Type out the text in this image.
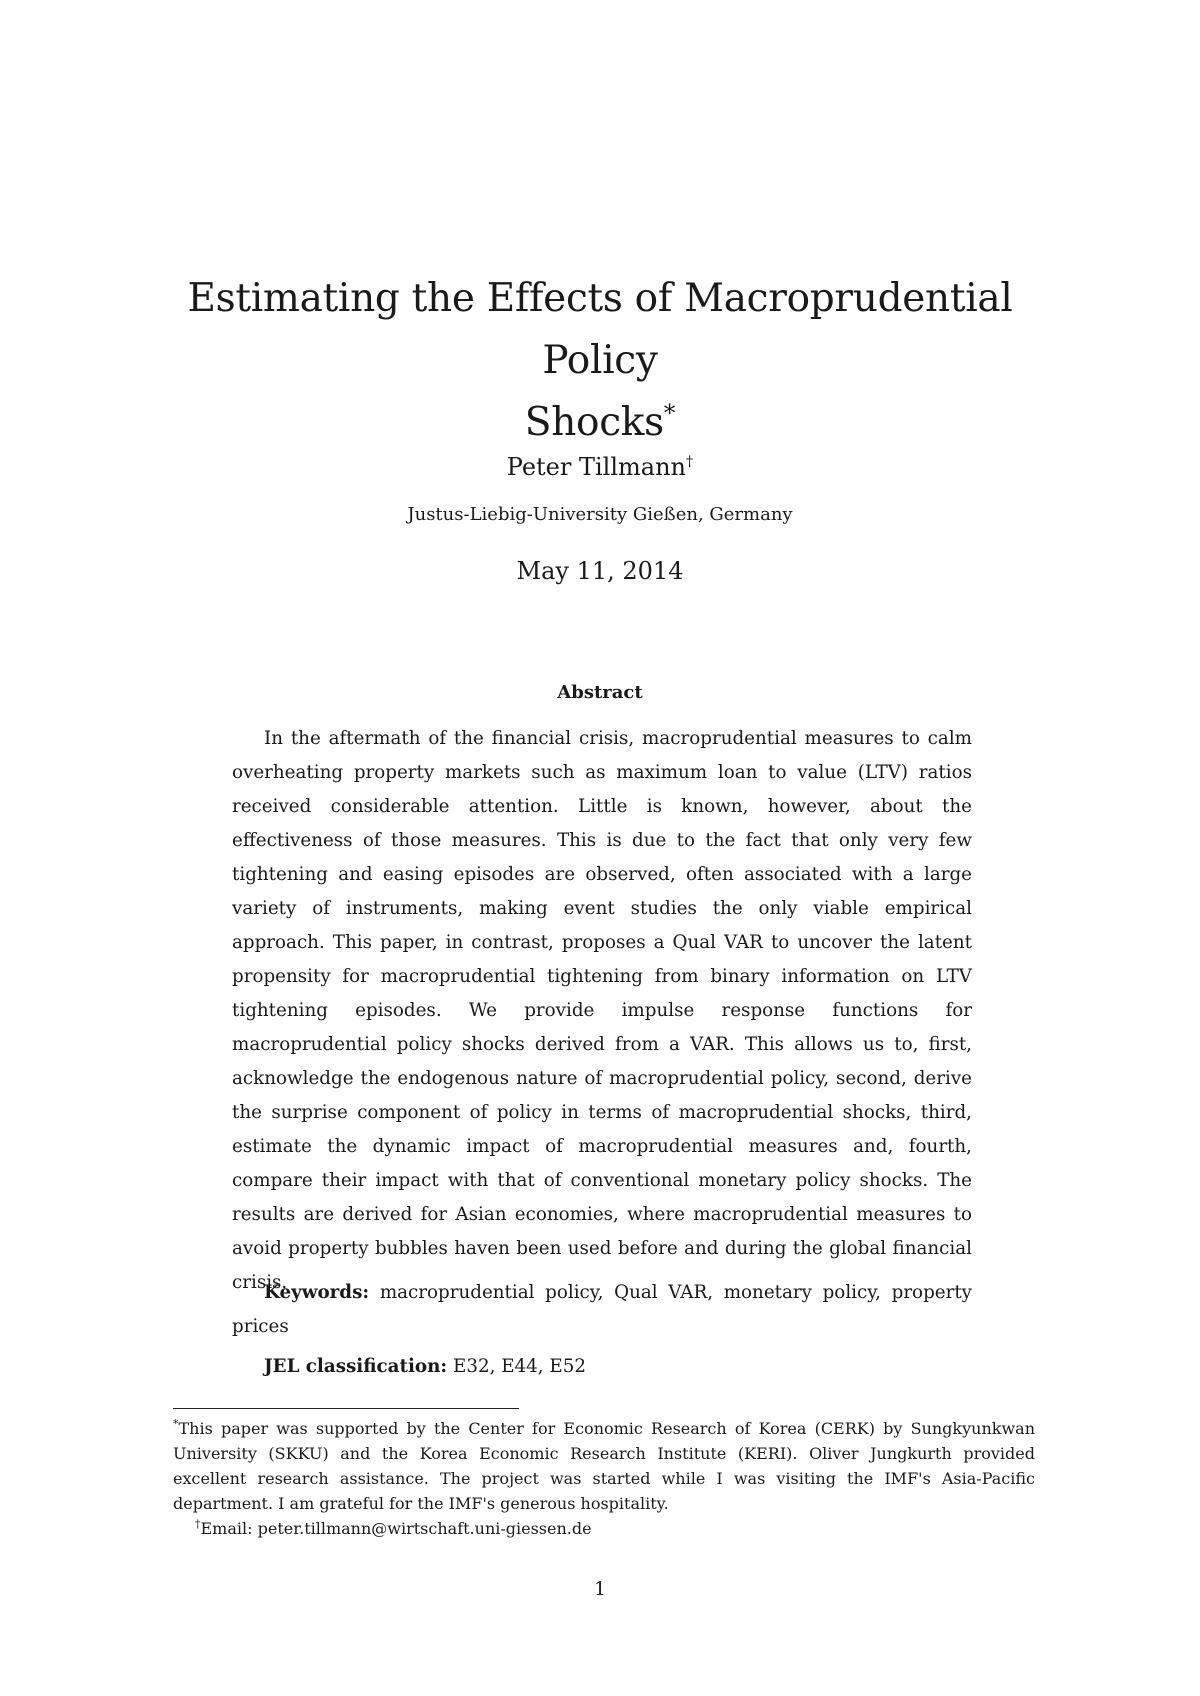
Estimating the Effects of Macroprudential Policy
Shocks*
Peter Tillmann†
Justus-Liebig-University Gießen, Germany
May 11, 2014
Abstract

In the aftermath of the financial crisis, macroprudential measures to calm overheating property markets such as maximum loan to value (LTV) ratios received considerable attention. Little is known, however, about the effectiveness of those measures. This is due to the fact that only very few tightening and easing episodes are observed, often associated with a large variety of instruments, making event studies the only viable empirical approach. This paper, in contrast, proposes a Qual VAR to uncover the latent propensity for macroprudential tightening from binary information on LTV tightening episodes. We provide impulse response functions for macroprudential policy shocks derived from a VAR. This allows us to, first, acknowledge the endogenous nature of macroprudential policy, second, derive the surprise component of policy in terms of macroprudential shocks, third, estimate the dynamic impact of macroprudential measures and, fourth, compare their impact with that of conventional monetary policy shocks. The results are derived for Asian economies, where macroprudential measures to avoid property bubbles haven been used before and during the global financial crisis.

Keywords: macroprudential policy, Qual VAR, monetary policy, property prices

JEL classification: E32, E44, E52

*This paper was supported by the Center for Economic Research of Korea (CERK) by Sungkyunkwan University (SKKU) and the Korea Economic Research Institute (KERI). Oliver Jungkurth provided excellent research assistance. The project was started while I was visiting the IMF's Asia-Pacific department. I am grateful for the IMF's generous hospitality.

†Email: peter.tillmann@wirtschaft.uni-giessen.de

1
